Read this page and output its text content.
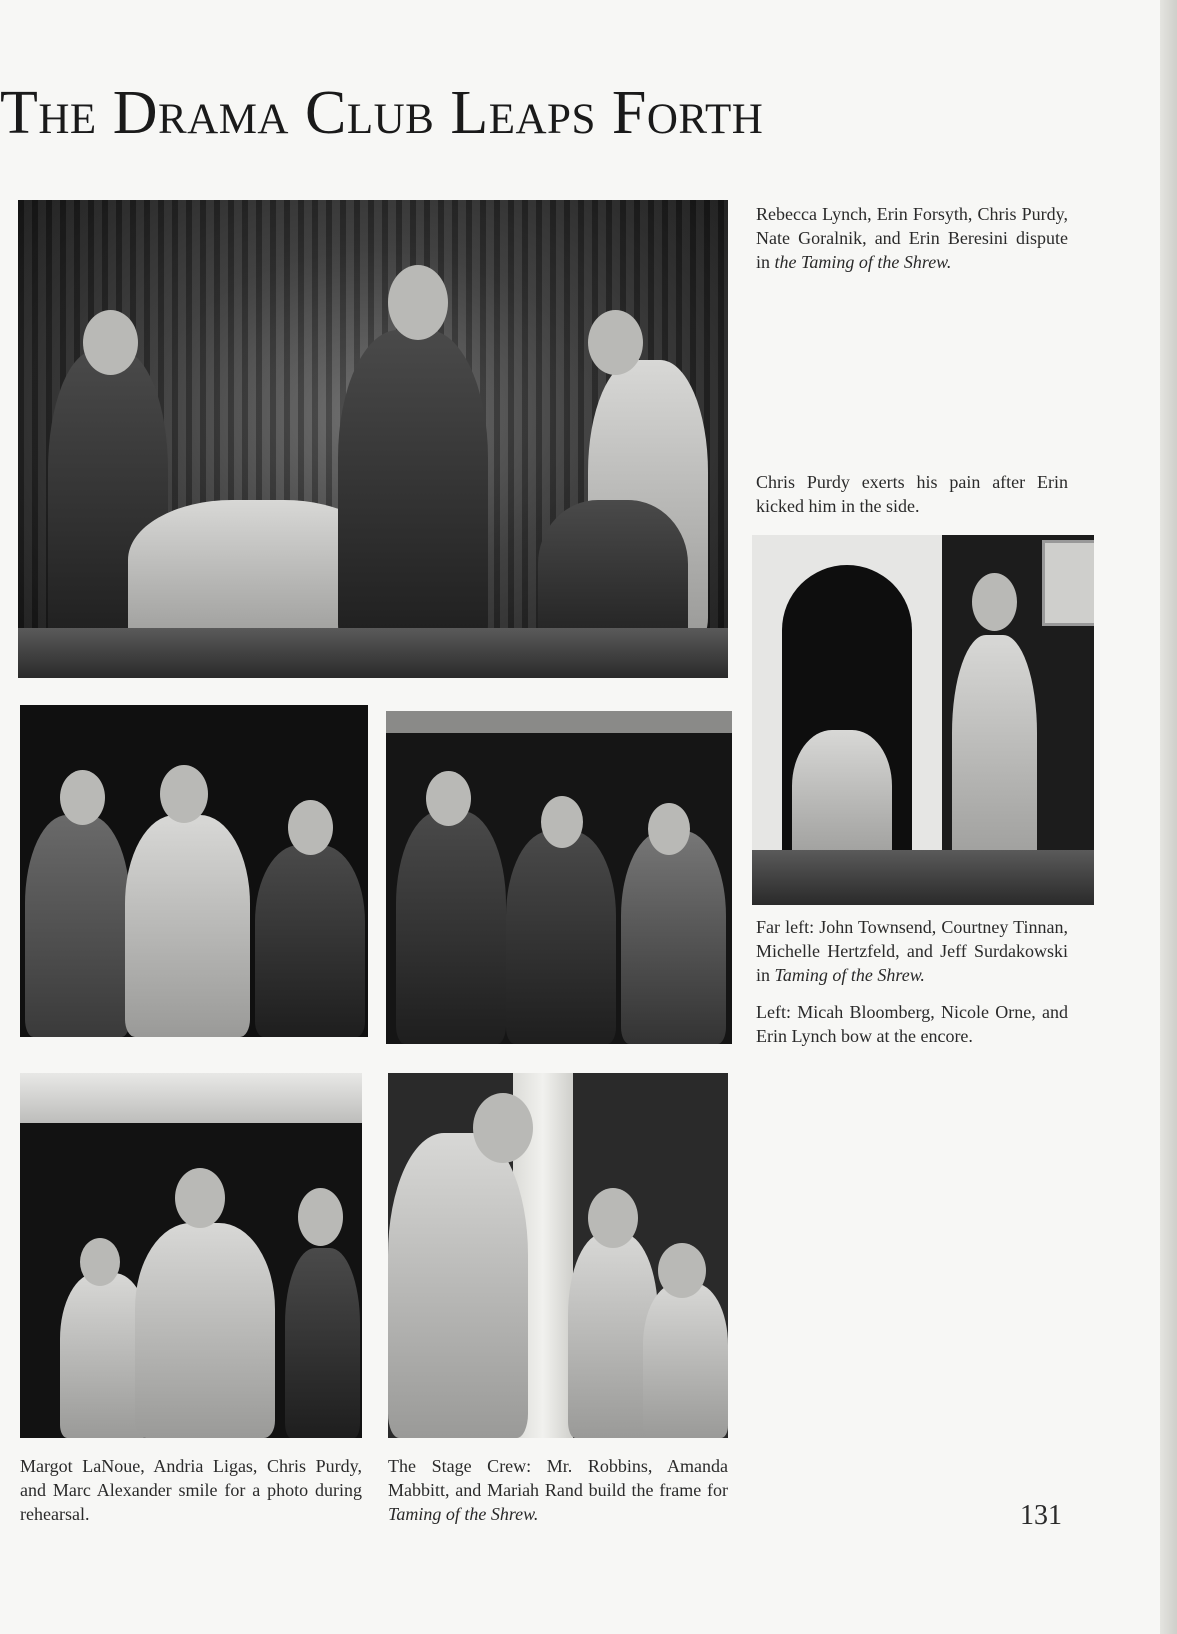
The Drama Club Leaps Forth
Rebecca Lynch, Erin Forsyth, Chris Purdy, Nate Goralnik, and Erin Beresini dispute in the Taming of the Shrew.
Chris Purdy exerts his pain after Erin kicked him in the side.
Far left: John Townsend, Courtney Tinnan, Michelle Hertzfeld, and Jeff Surdakowski in Taming of the Shrew.
Left: Micah Bloomberg, Nicole Orne, and Erin Lynch bow at the encore.
Margot LaNoue, Andria Ligas, Chris Purdy, and Marc Alexander smile for a photo during rehearsal.
The Stage Crew: Mr. Robbins, Amanda Mabbitt, and Mariah Rand build the frame for Taming of the Shrew.	131
